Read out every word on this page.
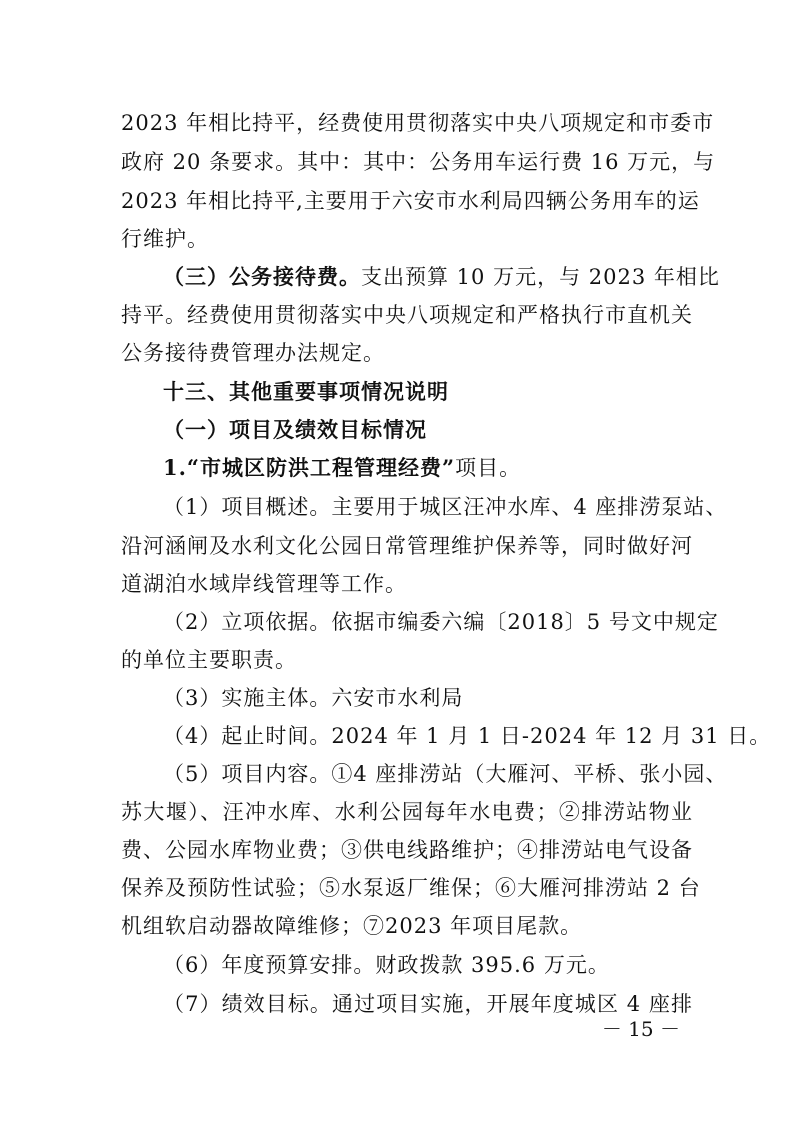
2023 年相比持平，经费使用贯彻落实中央八项规定和市委市
政府 20 条要求。其中：其中：公务用车运行费 16 万元，与
2023 年相比持平,主要用于六安市水利局四辆公务用车的运
行维护。
（三）公务接待费。支出预算 10 万元，与 2023 年相比
持平。经费使用贯彻落实中央八项规定和严格执行市直机关
公务接待费管理办法规定。
十三、其他重要事项情况说明
（一）项目及绩效目标情况
1.“市城区防洪工程管理经费”项目。
（1）项目概述。主要用于城区汪冲水库、4 座排涝泵站、
沿河涵闸及水利文化公园日常管理维护保养等，同时做好河
道湖泊水域岸线管理等工作。
（2）立项依据。依据市编委六编〔2018〕5 号文中规定
的单位主要职责。
（3）实施主体。六安市水利局
（4）起止时间。2024 年 1 月 1 日-2024 年 12 月 31 日。
（5）项目内容。①4 座排涝站（大雁河、平桥、张小园、
苏大堰）、汪冲水库、水利公园每年水电费；②排涝站物业
费、公园水库物业费；③供电线路维护；④排涝站电气设备
保养及预防性试验；⑤水泵返厂维保；⑥大雁河排涝站 2 台
机组软启动器故障维修；⑦2023 年项目尾款。
（6）年度预算安排。财政拨款 395.6 万元。
（7）绩效目标。通过项目实施，开展年度城区 4 座排
－ 15 －
